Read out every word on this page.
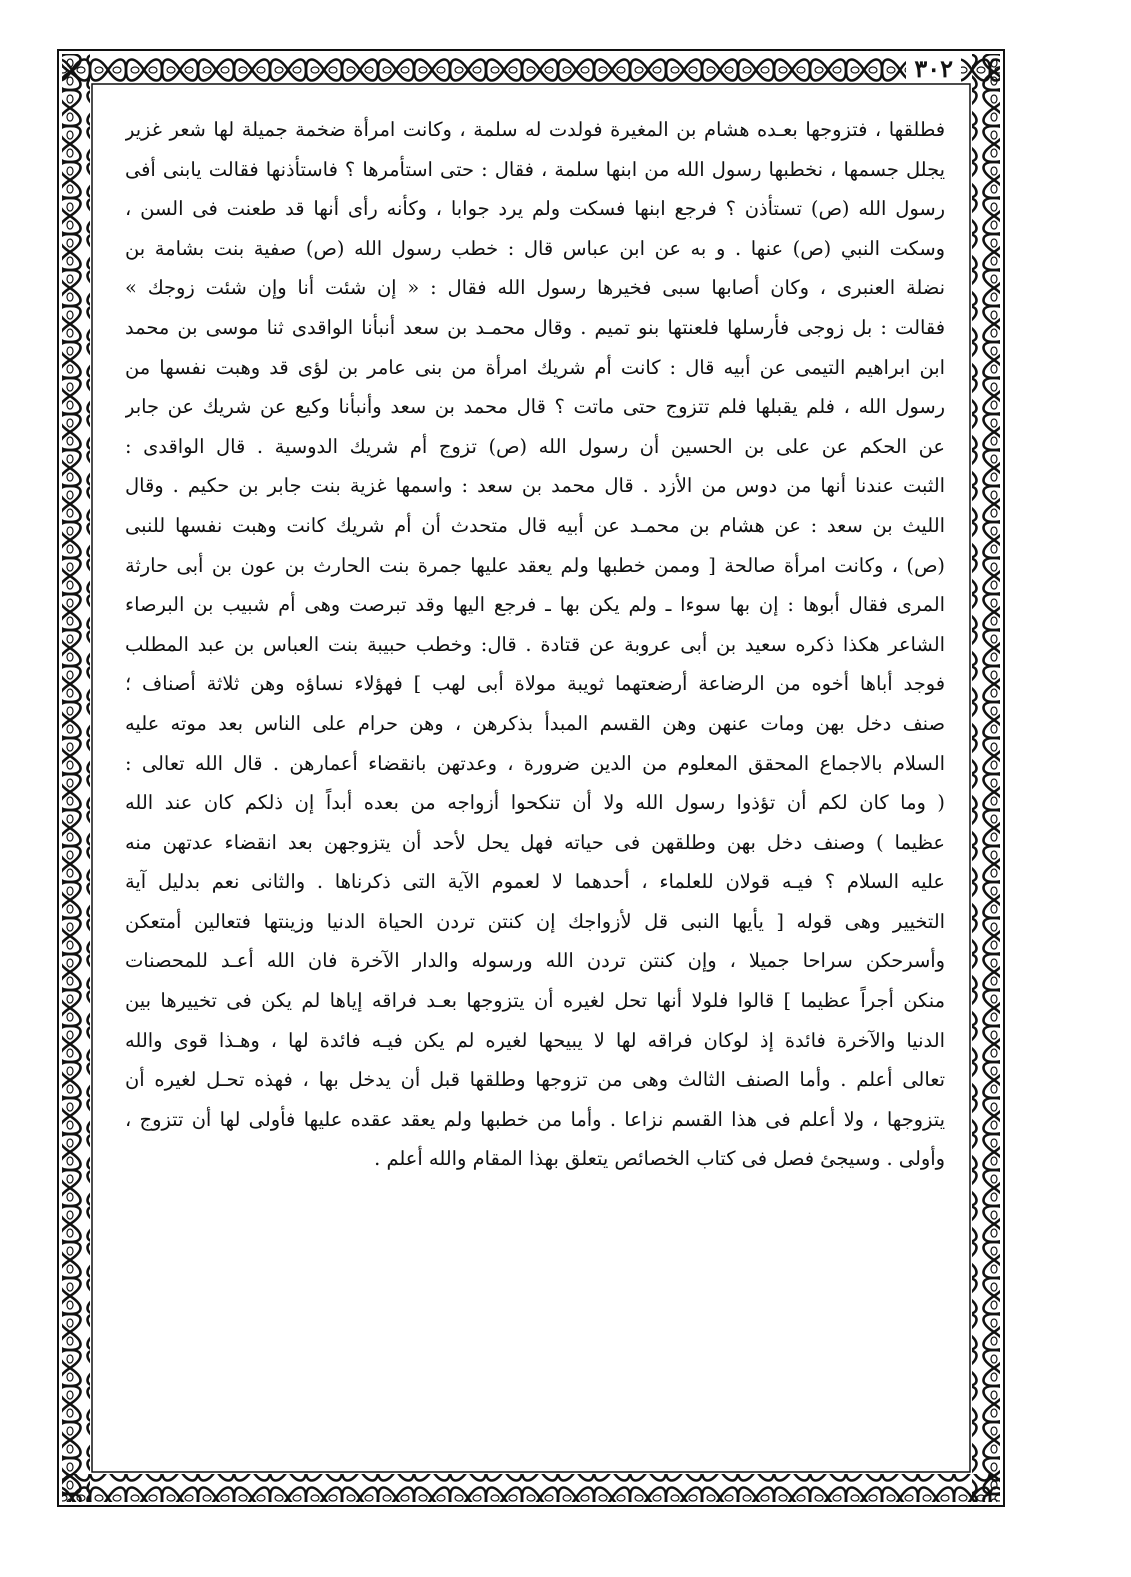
٣٠٢
فطلقها ، فتزوجها بعـده هشام بن المغيرة فولدت له سلمة ، وكانت امرأة ضخمة جميلة لها شعر غزير
يجلل جسمها ، نخطبها رسول الله من ابنها سلمة ، فقال : حتى استأمرها ؟ فاستأذنها فقالت يابنى أفى
رسول الله (ص) تستأذن ؟ فرجع ابنها فسكت ولم يرد جوابا ، وكأنه رأى أنها قد طعنت فى السن ،
وسكت النبي (ص) عنها . و به عن ابن عباس قال : خطب رسول الله (ص) صفية بنت بشامة بن
نضلة العنبرى ، وكان أصابها سبى فخيرها رسول الله فقال : « إن شئت أنا وإن شئت زوجك »
فقالت : بل زوجى فأرسلها فلعنتها بنو تميم . وقال محمـد بن سعد أنبأنا الواقدى ثنا موسى بن محمد
ابن ابراهيم التيمى عن أبيه قال : كانت أم شريك امرأة من بنى عامر بن لؤى قد وهبت نفسها من
رسول الله ، فلم يقبلها فلم تتزوج حتى ماتت ؟ قال محمد بن سعد وأنبأنا وكيع عن شريك عن جابر
عن الحكم عن على بن الحسين أن رسول الله (ص) تزوج أم شريك الدوسية . قال الواقدى :
الثبت عندنا أنها من دوس من الأزد . قال محمد بن سعد : واسمها غزية بنت جابر بن حكيم . وقال
الليث بن سعد : عن هشام بن محمـد عن أبيه قال متحدث أن أم شريك كانت وهبت نفسها للنبى
(ص) ، وكانت امرأة صالحة [ وممن خطبها ولم يعقد عليها جمرة بنت الحارث بن عون بن أبى حارثة
المرى فقال أبوها : إن بها سوءا ـ ولم يكن بها ـ فرجع اليها وقد تبرصت وهى أم شبيب بن البرصاء
الشاعر هكذا ذكره سعيد بن أبى عروبة عن قتادة . قال: وخطب حبيبة بنت العباس بن عبد المطلب
فوجد أباها أخوه من الرضاعة أرضعتهما ثويبة مولاة أبى لهب ] فهؤلاء نساؤه وهن ثلاثة أصناف ؛
صنف دخل بهن ومات عنهن وهن القسم المبدأ بذكرهن ، وهن حرام على الناس بعد موته عليه
السلام بالاجماع المحقق المعلوم من الدين ضرورة ، وعدتهن بانقضاء أعمارهن . قال الله تعالى :
( وما كان لكم أن تؤذوا رسول الله ولا أن تنكحوا أزواجه من بعده أبداً إن ذلكم كان عند الله
عظيما ) وصنف دخل بهن وطلقهن فى حياته فهل يحل لأحد أن يتزوجهن بعد انقضاء عدتهن منه
عليه السلام ؟ فيـه قولان للعلماء ، أحدهما لا لعموم الآية التى ذكرناها . والثانى نعم بدليل آية
التخيير وهى قوله [ يأيها النبى قل لأزواجك إن كنتن تردن الحياة الدنيا وزينتها فتعالين أمتعكن
وأسرحكن سراحا جميلا ، وإن كنتن تردن الله ورسوله والدار الآخرة فان الله أعـد للمحصنات
منكن أجراً عظيما ] قالوا فلولا أنها تحل لغيره أن يتزوجها بعـد فراقه إياها لم يكن فى تخييرها بين
الدنيا والآخرة فائدة إذ لوكان فراقه لها لا يبيحها لغيره لم يكن فيـه فائدة لها ، وهـذا قوى والله
تعالى أعلم . وأما الصنف الثالث وهى من تزوجها وطلقها قبل أن يدخل بها ، فهذه تحـل لغيره أن
يتزوجها ، ولا أعلم فى هذا القسم نزاعا . وأما من خطبها ولم يعقد عقده عليها فأولى لها أن تتزوج ،
وأولى . وسيجئ فصل فى كتاب الخصائص يتعلق بهذا المقام والله أعلم .
